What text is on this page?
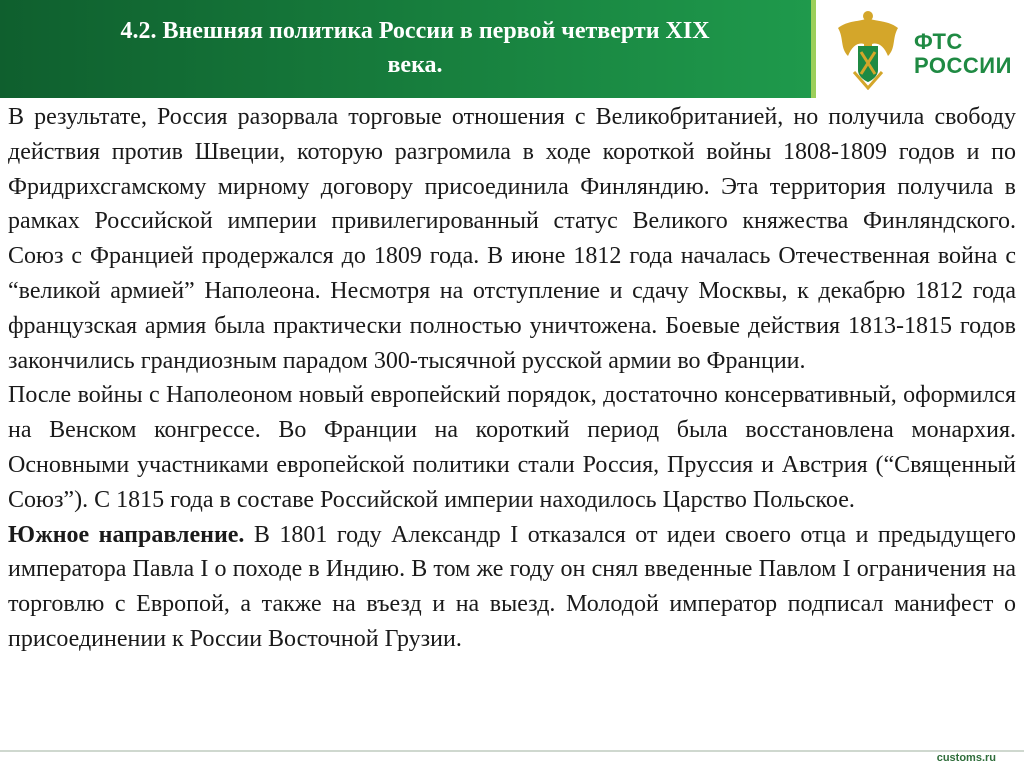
4.2. Внешняя политика России в первой четверти XIX
века.
ФТС
РОССИИ

В результате, Россия разорвала торговые отношения с Великобританией, но получила свободу действия против Швеции, которую разгромила в ходе короткой войны 1808-1809 годов и по Фридрихсгамскому мирному договору присоединила Финляндию. Эта территория получила в рамках Российской империи привилегированный статус Великого княжества Финляндского. Союз с Францией продержался до 1809 года. В июне 1812 года началась Отечественная война с “великой армией” Наполеона. Несмотря на отступление и сдачу Москвы, к декабрю 1812 года французская армия была практически полностью уничтожена. Боевые действия 1813-1815 годов закончились грандиозным парадом 300-тысячной русской армии во Франции.

После войны с Наполеоном новый европейский порядок, достаточно консервативный, оформился на Венском конгрессе. Во Франции на короткий период была восстановлена монархия. Основными участниками европейской политики стали Россия, Пруссия и Австрия (“Священный Союз”). С 1815 года в составе Российской империи находилось Царство Польское.

Южное направление. В 1801 году Александр I отказался от идеи своего отца и предыдущего императора Павла I о походе в Индию. В том же году он снял введенные Павлом I ограничения на торговлю с Европой, а также на въезд и на выезд. Молодой император подписал манифест о присоединении к России Восточной Грузии.

customs.ru
